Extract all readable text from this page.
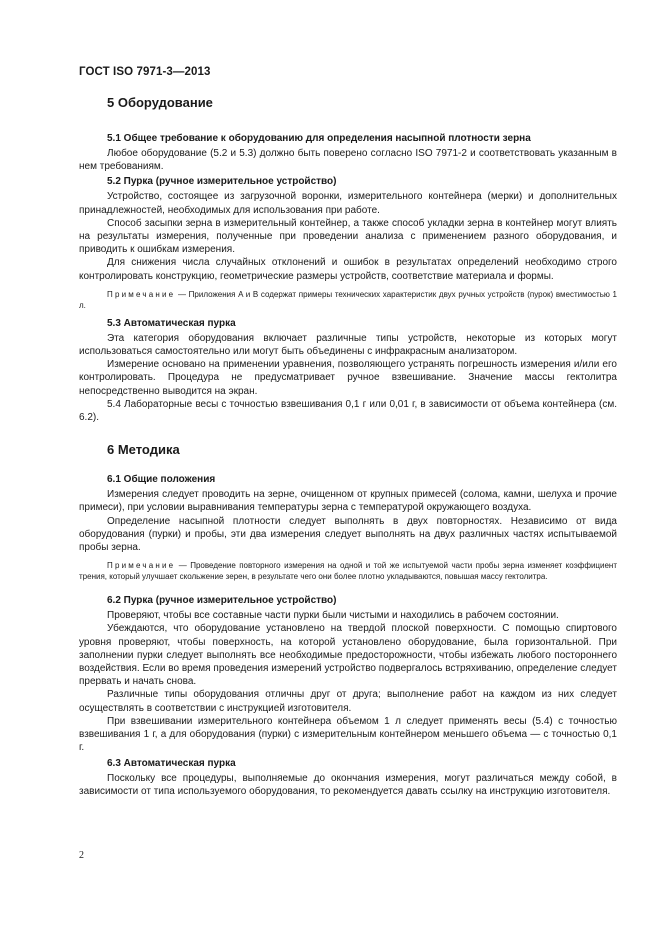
ГОСТ ISO 7971-3—2013

5 Оборудование

5.1 Общее требование к оборудованию для определения насыпной плотности зерна

Любое оборудование (5.2 и 5.3) должно быть поверено согласно ISO 7971-2 и соответствовать указанным в нем требованиям.

5.2 Пурка (ручное измерительное устройство)

Устройство, состоящее из загрузочной воронки, измерительного контейнера (мерки) и дополнительных принадлежностей, необходимых для использования при работе.

Способ засыпки зерна в измерительный контейнер, а также способ укладки зерна в контейнер могут влиять на результаты измерения, полученные при проведении анализа с применением разного оборудования, и приводить к ошибкам измерения.

Для снижения числа случайных отклонений и ошибок в результатах определений необходимо строго контролировать конструкцию, геометрические размеры устройств, соответствие материала и формы.

Примечание — Приложения A и B содержат примеры технических характеристик двух ручных устройств (пурок) вместимостью 1 л.

5.3 Автоматическая пурка

Эта категория оборудования включает различные типы устройств, некоторые из которых могут использоваться самостоятельно или могут быть объединены с инфракрасным анализатором.

Измерение основано на применении уравнения, позволяющего устранять погрешность измерения и/или его контролировать. Процедура не предусматривает ручное взвешивание. Значение массы гектолитра непосредственно выводится на экран.

5.4 Лабораторные весы с точностью взвешивания 0,1 г или 0,01 г, в зависимости от объема контейнера (см. 6.2).

6 Методика

6.1 Общие положения

Измерения следует проводить на зерне, очищенном от крупных примесей (солома, камни, шелуха и прочие примеси), при условии выравнивания температуры зерна с температурой окружающего воздуха.

Определение насыпной плотности следует выполнять в двух повторностях. Независимо от вида оборудования (пурки) и пробы, эти два измерения следует выполнять на двух различных частях испытываемой пробы зерна.

Примечание — Проведение повторного измерения на одной и той же испытуемой части пробы зерна изменяет коэффициент трения, который улучшает скольжение зерен, в результате чего они более плотно укладываются, повышая массу гектолитра.

6.2 Пурка (ручное измерительное устройство)

Проверяют, чтобы все составные части пурки были чистыми и находились в рабочем состоянии.

Убеждаются, что оборудование установлено на твердой плоской поверхности. С помощью спиртового уровня проверяют, чтобы поверхность, на которой установлено оборудование, была горизонтальной. При заполнении пурки следует выполнять все необходимые предосторожности, чтобы избежать любого постороннего воздействия. Если во время проведения измерений устройство подвергалось встряхиванию, определение следует прервать и начать снова.

Различные типы оборудования отличны друг от друга; выполнение работ на каждом из них следует осуществлять в соответствии с инструкцией изготовителя.

При взвешивании измерительного контейнера объемом 1 л следует применять весы (5.4) с точностью взвешивания 1 г, а для оборудования (пурки) с измерительным контейнером меньшего объема — с точностью 0,1 г.

6.3 Автоматическая пурка

Поскольку все процедуры, выполняемые до окончания измерения, могут различаться между собой, в зависимости от типа используемого оборудования, то рекомендуется давать ссылку на инструкцию изготовителя.

2
